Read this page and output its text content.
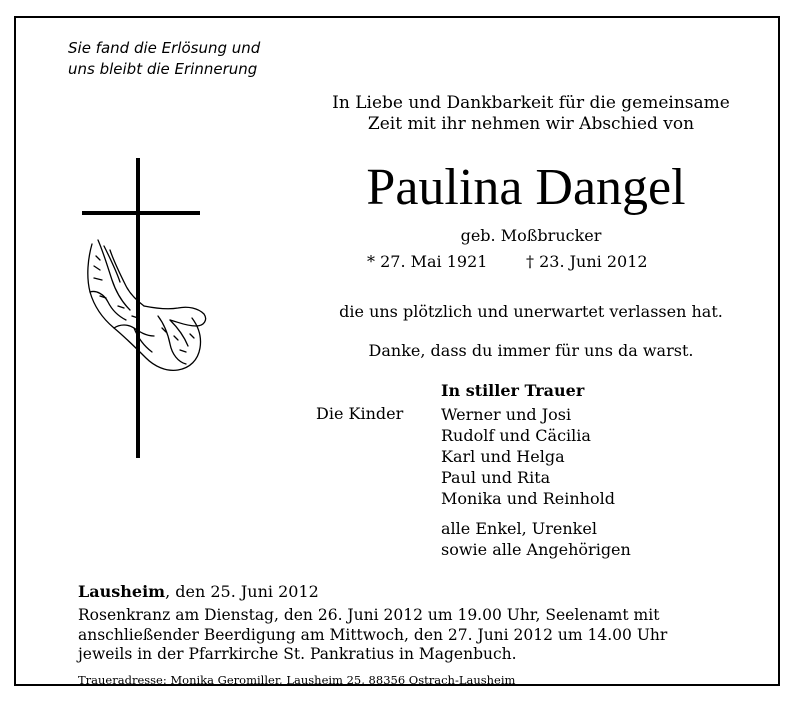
Sie fand die Erlösung und
uns bleibt die Erinnerung
In Liebe und Dankbarkeit für die gemeinsame
Zeit mit ihr nehmen wir Abschied von
Paulina Dangel
geb. Moßbrucker
* 27. Mai 1921 † 23. Juni 2012
die uns plötzlich und unerwartet verlassen hat.
Danke, dass du immer für uns da warst.
In stiller Trauer
Die Kinder Werner und Josi
Rudolf und Cäcilia
Karl und Helga
Paul und Rita
Monika und Reinhold
alle Enkel, Urenkel
sowie alle Angehörigen
Lausheim, den 25. Juni 2012
Rosenkranz am Dienstag, den 26. Juni 2012 um 19.00 Uhr, Seelenamt mit
anschließender Beerdigung am Mittwoch, den 27. Juni 2012 um 14.00 Uhr
jeweils in der Pfarrkirche St. Pankratius in Magenbuch.
Traueradresse: Monika Geromiller, Lausheim 25, 88356 Ostrach-Lausheim
